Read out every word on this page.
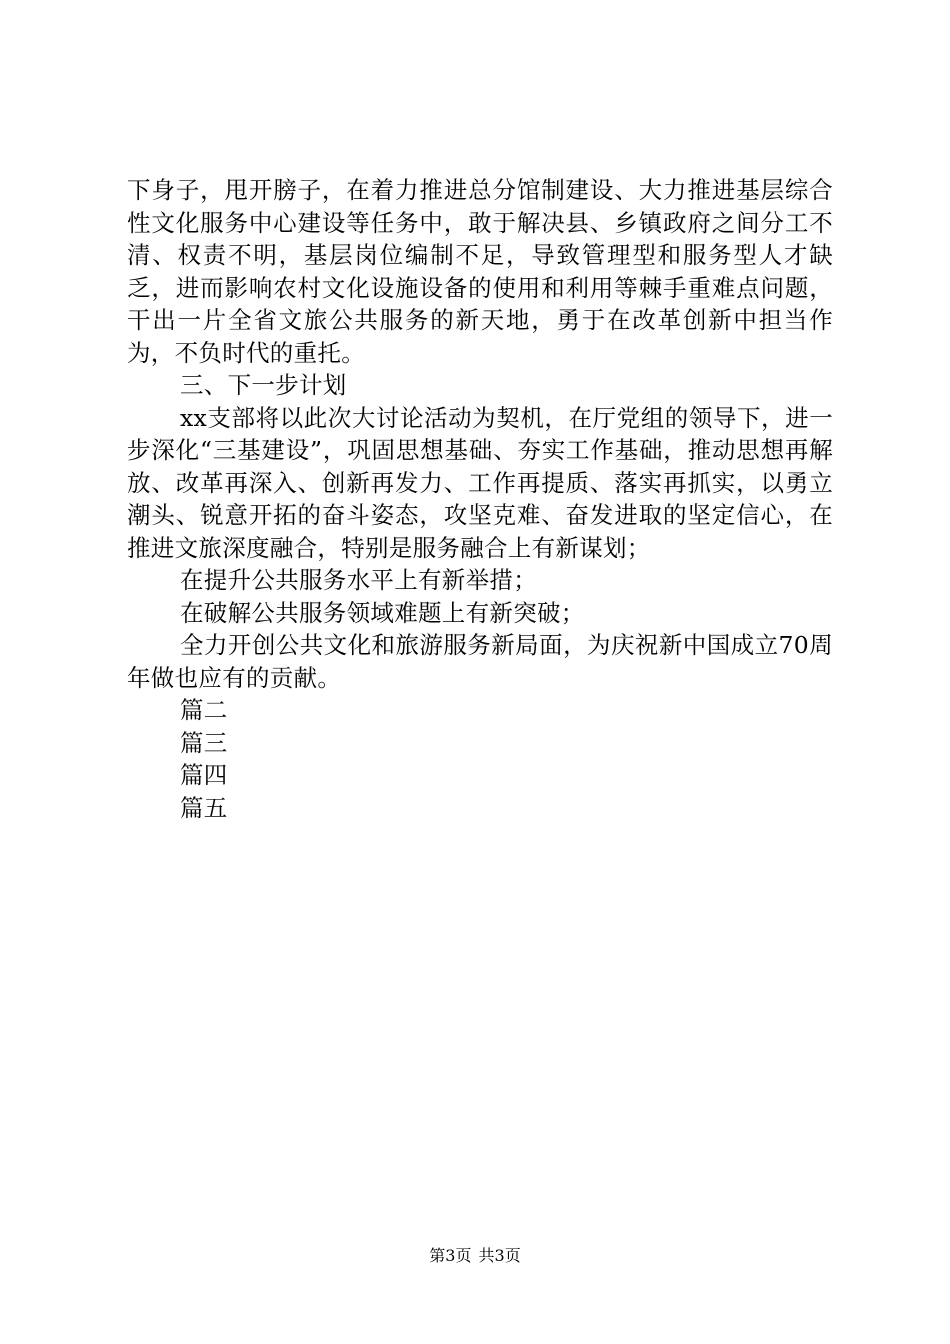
下身子，甩开膀子，在着力推进总分馆制建设、大力推进基层综合性文化服务中心建设等任务中，敢于解决县、乡镇政府之间分工不清、权责不明，基层岗位编制不足，导致管理型和服务型人才缺乏，进而影响农村文化设施设备的使用和利用等棘手重难点问题，干出一片全省文旅公共服务的新天地，勇于在改革创新中担当作为，不负时代的重托。

三、下一步计划

xx支部将以此次大讨论活动为契机，在厅党组的领导下，进一步深化“三基建设”，巩固思想基础、夯实工作基础，推动思想再解放、改革再深入、创新再发力、工作再提质、落实再抓实，以勇立潮头、锐意开拓的奋斗姿态，攻坚克难、奋发进取的坚定信心，在推进文旅深度融合，特别是服务融合上有新谋划；

在提升公共服务水平上有新举措；

在破解公共服务领域难题上有新突破；

全力开创公共文化和旅游服务新局面，为庆祝新中国成立70周年做也应有的贡献。

篇二

篇三

篇四

篇五

第3页 共3页
